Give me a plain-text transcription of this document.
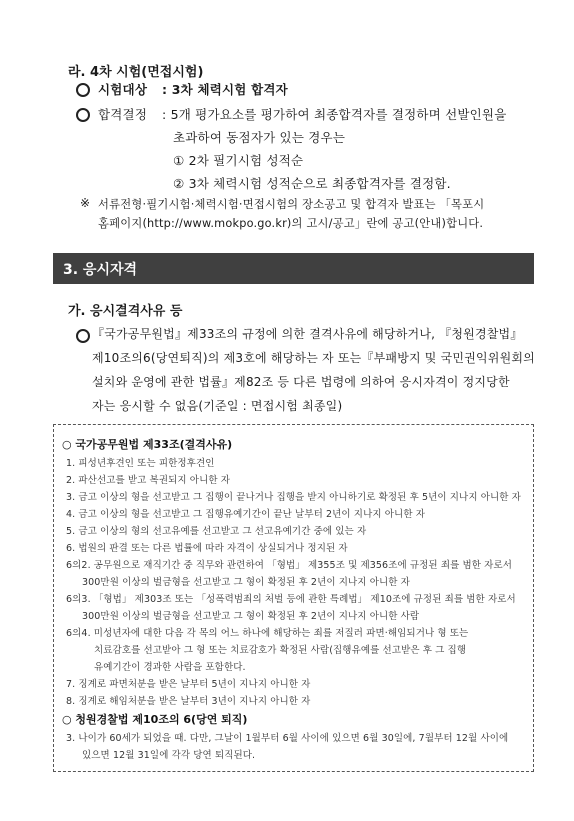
라. 4차 시험(면접시험)
시험대상 : 3차 체력시험 합격자
합격결정 : 5개 평가요소를 평가하여 최종합격자를 결정하며 선발인원을
초과하여 동점자가 있는 경우는
① 2차 필기시험 성적순
② 3차 체력시험 성적순으로 최종합격자를 결정함.
※ 서류전형·필기시험·체력시험·면접시험의 장소공고 및 합격자 발표는 「목포시
홈페이지(http://www.mokpo.go.kr)의 고시/공고」란에 공고(안내)합니다.
3. 응시자격
가. 응시결격사유 등
『국가공무원법』제33조의 규정에 의한 결격사유에 해당하거나, 『청원경찰법』
제10조의6(당연퇴직)의 제3호에 해당하는 자 또는『부패방지 및 국민권익위원회의
설치와 운영에 관한 법률』제82조 등 다른 법령에 의하여 응시자격이 정지당한
자는 응시할 수 없음(기준일 : 면접시험 최종일)
○ 국가공무원법 제33조(결격사유)
1. 피성년후견인 또는 피한정후견인
2. 파산선고를 받고 복권되지 아니한 자
3. 금고 이상의 형을 선고받고 그 집행이 끝나거나 집행을 받지 아니하기로 확정된 후 5년이 지나지 아니한 자
4. 금고 이상의 형을 선고받고 그 집행유예기간이 끝난 날부터 2년이 지나지 아니한 자
5. 금고 이상의 형의 선고유예를 선고받고 그 선고유예기간 중에 있는 자
6. 법원의 판결 또는 다른 법률에 따라 자격이 상실되거나 정지된 자
6의2. 공무원으로 재직기간 중 직무와 관련하여 「형법」 제355조 및 제356조에 규정된 죄를 범한 자로서
300만원 이상의 벌금형을 선고받고 그 형이 확정된 후 2년이 지나지 아니한 자
6의3. 「형법」 제303조 또는 「성폭력범죄의 처벌 등에 관한 특례법」 제10조에 규정된 죄를 범한 자로서
300만원 이상의 벌금형을 선고받고 그 형이 확정된 후 2년이 지나지 아니한 사람
6의4. 미성년자에 대한 다음 각 목의 어느 하나에 해당하는 죄를 저질러 파면·해임되거나 형 또는
치료감호를 선고받아 그 형 또는 치료감호가 확정된 사람(집행유예를 선고받은 후 그 집행
유예기간이 경과한 사람을 포함한다.
7. 징계로 파면처분을 받은 날부터 5년이 지나지 아니한 자
8. 징계로 해임처분을 받은 날부터 3년이 지나지 아니한 자
○ 청원경찰법 제10조의 6(당연 퇴직)
3. 나이가 60세가 되었을 때. 다만, 그날이 1월부터 6월 사이에 있으면 6월 30일에, 7월부터 12월 사이에
있으면 12월 31일에 각각 당연 퇴직된다.
